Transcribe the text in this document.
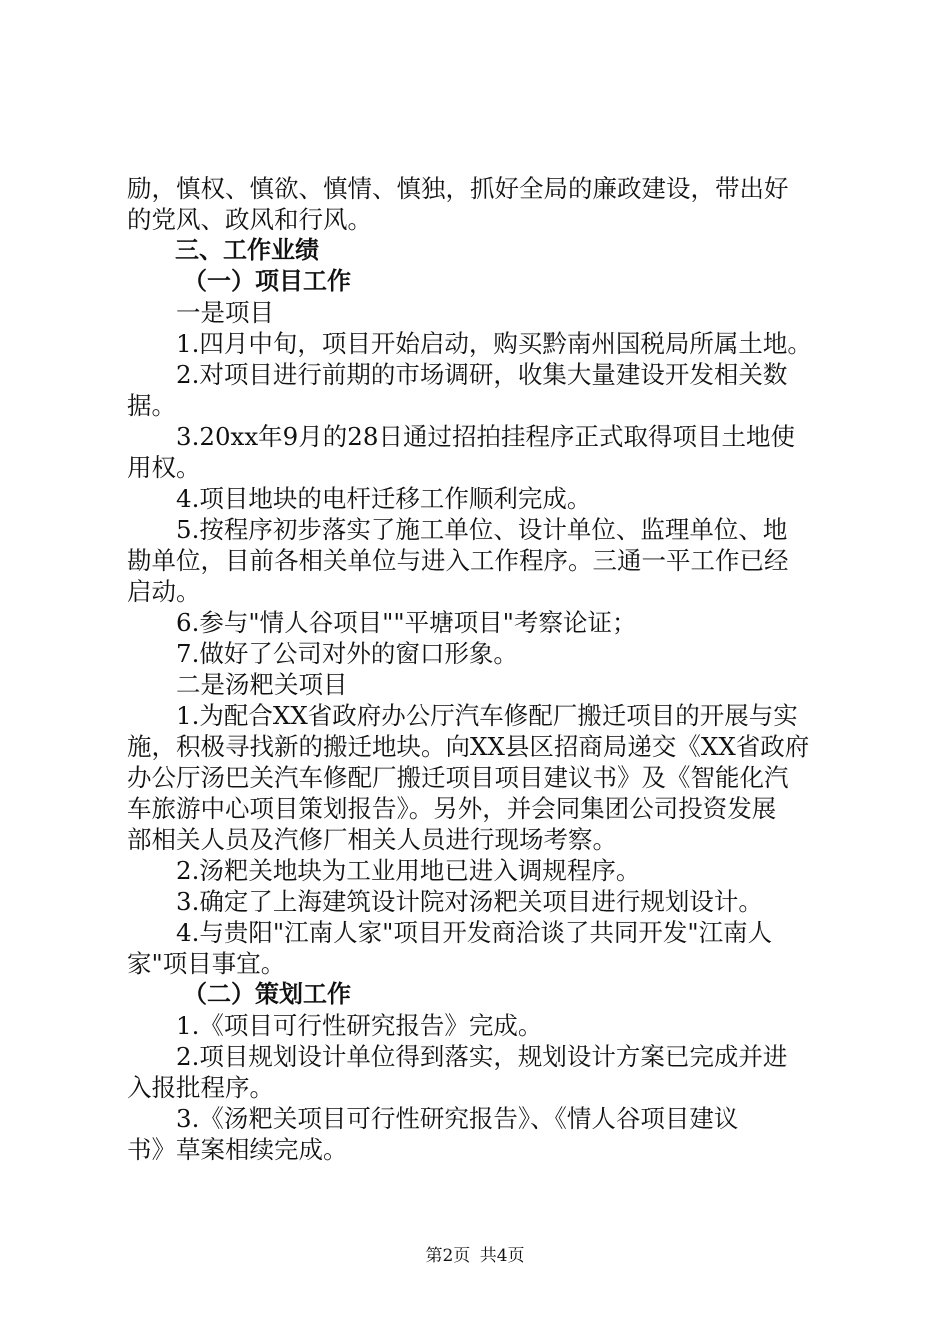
励，慎权、慎欲、慎情、慎独，抓好全局的廉政建设，带出好

的党风、政风和行风。

三、工作业绩

（一）项目工作

一是项目

1.四月中旬，项目开始启动，购买黔南州国税局所属土地。

2.对项目进行前期的市场调研，收集大量建设开发相关数

据。

3.20xx年9月的28日通过招拍挂程序正式取得项目土地使

用权。

4.项目地块的电杆迁移工作顺利完成。

5.按程序初步落实了施工单位、设计单位、监理单位、地

勘单位，目前各相关单位与进入工作程序。三通一平工作已经

启动。

6.参与"情人谷项目""平塘项目"考察论证；

7.做好了公司对外的窗口形象。

二是汤粑关项目

1.为配合XX省政府办公厅汽车修配厂搬迁项目的开展与实

施，积极寻找新的搬迁地块。向XX县区招商局递交《XX省政府

办公厅汤巴关汽车修配厂搬迁项目项目建议书》及《智能化汽

车旅游中心项目策划报告》。另外，并会同集团公司投资发展

部相关人员及汽修厂相关人员进行现场考察。

2.汤粑关地块为工业用地已进入调规程序。

3.确定了上海建筑设计院对汤粑关项目进行规划设计。

4.与贵阳"江南人家"项目开发商洽谈了共同开发"江南人

家"项目事宜。

（二）策划工作

1.《项目可行性研究报告》完成。

2.项目规划设计单位得到落实，规划设计方案已完成并进

入报批程序。

3.《汤粑关项目可行性研究报告》、《情人谷项目建议

书》草案相续完成。

第2页 共4页
